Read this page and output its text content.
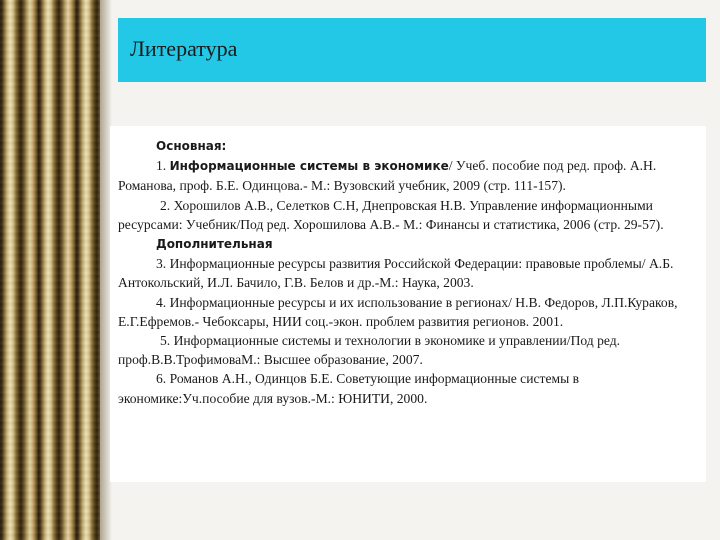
Литература

Основная:

1. Информационные системы в экономике/ Учеб. пособие под ред. проф. А.Н. Романова, проф. Б.Е. Одинцова.- М.: Вузовский учебник, 2009 (стр. 111-157).

2. Хорошилов А.В., Селетков С.Н, Днепровская Н.В. Управление информационными ресурсами: Учебник/Под ред. Хорошилова А.В.- М.: Финансы и статистика, 2006 (стр. 29-57).

Дополнительная

3. Информационные ресурсы развития Российской Федерации: правовые проблемы/ А.Б. Антокольский, И.Л. Бачило, Г.В. Белов и др.-М.: Наука, 2003.

4. Информационные ресурсы и их использование в регионах/ Н.В. Федоров, Л.П.Кураков, Е.Г.Ефремов.- Чебоксары, НИИ соц.-экон. проблем развития регионов. 2001.

5. Информационные системы и технологии в экономике и управлении/Под ред. проф.В.В.ТрофимоваМ.: Высшее образование, 2007.

6. Романов А.Н., Одинцов Б.Е. Советующие информационные системы в экономике:Уч.пособие для вузов.-М.: ЮНИТИ, 2000.
